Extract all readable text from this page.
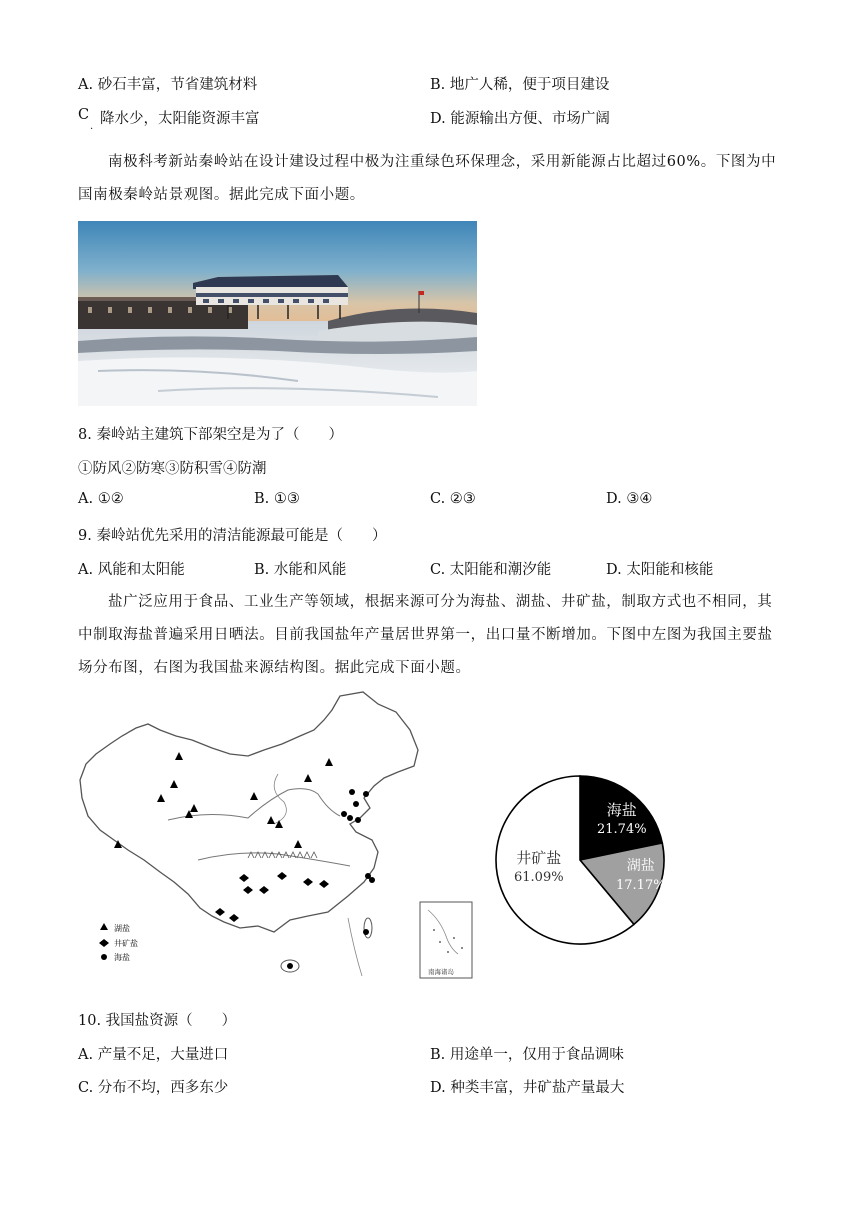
A. 砂石丰富，节省建筑材料	B. 地广人稀，便于项目建设
C
. 降水少，太阳能资源丰富	D. 能源输出方便、市场广阔
南极科考新站秦岭站在设计建设过程中极为注重绿色环保理念，采用新能源占比超过60%。下图为中
国南极秦岭站景观图。据此完成下面小题。
8. 秦岭站主建筑下部架空是为了（　　）
①防风②防寒③防积雪④防潮
A. ①②	B. ①③	C. ②③	D. ③④
9. 秦岭站优先采用的清洁能源最可能是（　　）
A. 风能和太阳能	B. 水能和风能	C. 太阳能和潮汐能	D. 太阳能和核能
盐广泛应用于食品、工业生产等领域，根据来源可分为海盐、湖盐、井矿盐，制取方式也不相同，其
中制取海盐普遍采用日晒法。目前我国盐年产量居世界第一，出口量不断增加。下图中左图为我国主要盐
场分布图，右图为我国盐来源结构图。据此完成下面小题。
湖盐
井矿盐
海盐
南海诸岛
海盐
21.74%
湖盐
17.17%
井矿盐
61.09%
10. 我国盐资源（　　）
A. 产量不足，大量进口	B. 用途单一，仅用于食品调味
C. 分布不均，西多东少	D. 种类丰富，井矿盐产量最大
